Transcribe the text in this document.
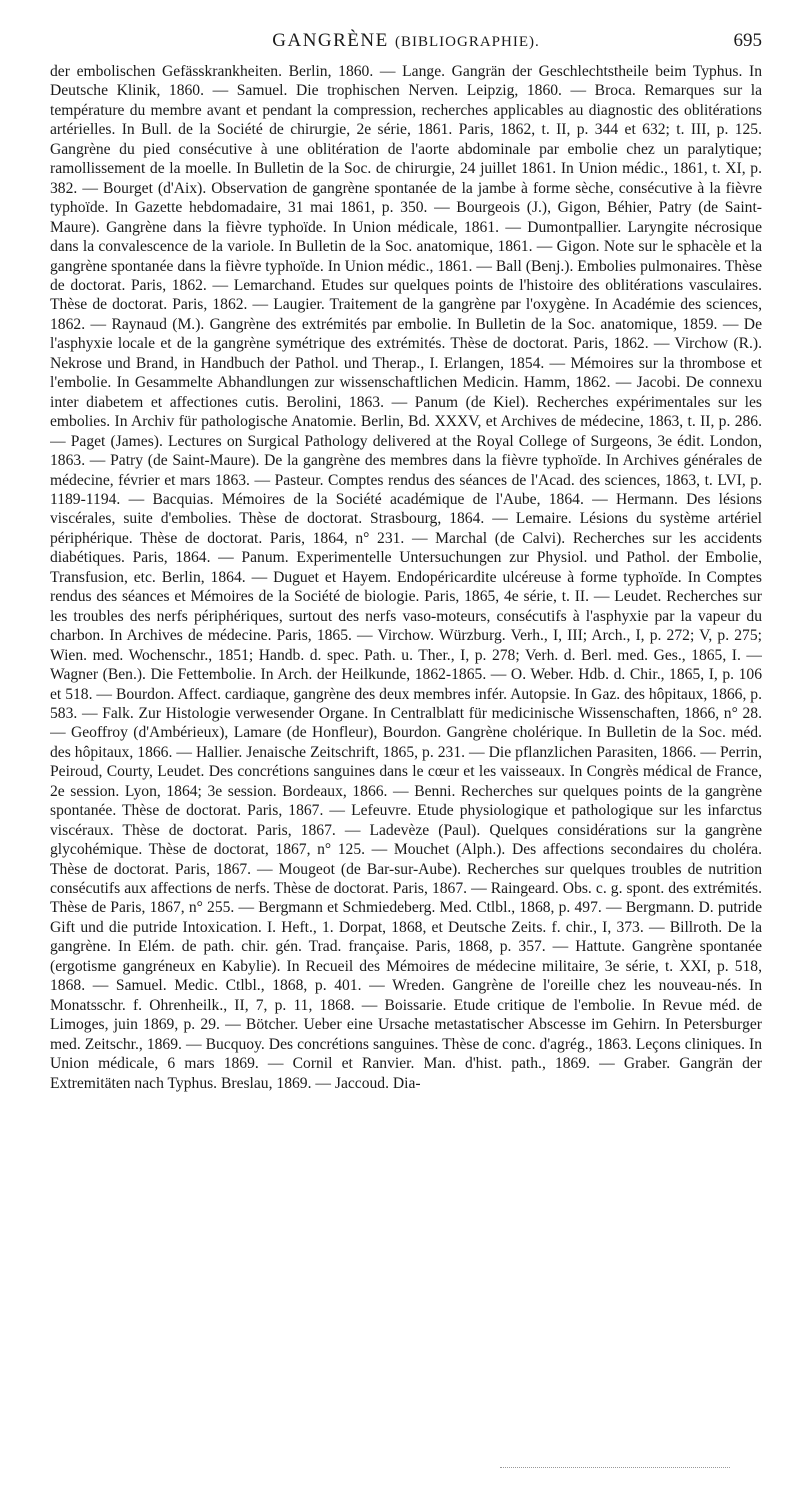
GANGRÈNE (BIBLIOGRAPHIE).	695

der embolischen Gefässkrankheiten. Berlin, 1860. — Lange. Gangrän der Geschlechtstheile beim Typhus. In Deutsche Klinik, 1860. — Samuel. Die trophischen Nerven. Leipzig, 1860. — Broca. Remarques sur la température du membre avant et pendant la compression, recherches applicables au diagnostic des oblitérations artérielles. In Bull. de la Société de chirurgie, 2e série, 1861. Paris, 1862, t. II, p. 344 et 632; t. III, p. 125. Gangrène du pied consécutive à une oblitération de l'aorte abdominale par embolie chez un paralytique; ramollissement de la moelle. In Bulletin de la Soc. de chirurgie, 24 juillet 1861. In Union médic., 1861, t. XI, p. 382. — Bourget (d'Aix). Observation de gangrène spontanée de la jambe à forme sèche, consécutive à la fièvre typhoïde. In Gazette hebdomadaire, 31 mai 1861, p. 350. — Bourgeois (J.), Gigon, Béhier, Patry (de Saint-Maure). Gangrène dans la fièvre typhoïde. In Union médicale, 1861. — Dumontpallier. Laryngite nécrosique dans la convalescence de la variole. In Bulletin de la Soc. anatomique, 1861. — Gigon. Note sur le sphacèle et la gangrène spontanée dans la fièvre typhoïde. In Union médic., 1861. — Ball (Benj.). Embolies pulmonaires. Thèse de doctorat. Paris, 1862. — Lemarchand. Etudes sur quelques points de l'histoire des oblitérations vasculaires. Thèse de doctorat. Paris, 1862. — Laugier. Traitement de la gangrène par l'oxygène. In Académie des sciences, 1862. — Raynaud (M.). Gangrène des extrémités par embolie. In Bulletin de la Soc. anatomique, 1859. — De l'asphyxie locale et de la gangrène symétrique des extrémités. Thèse de doctorat. Paris, 1862. — Virchow (R.). Nekrose und Brand, in Handbuch der Pathol. und Therap., I. Erlangen, 1854. — Mémoires sur la thrombose et l'embolie. In Gesammelte Abhandlungen zur wissenschaftlichen Medicin. Hamm, 1862. — Jacobi. De connexu inter diabetem et affectiones cutis. Berolini, 1863. — Panum (de Kiel). Recherches expérimentales sur les embolies. In Archiv für pathologische Anatomie. Berlin, Bd. XXXV, et Archives de médecine, 1863, t. II, p. 286. — Paget (James). Lectures on Surgical Pathology delivered at the Royal College of Surgeons, 3e édit. London, 1863. — Patry (de Saint-Maure). De la gangrène des membres dans la fièvre typhoïde. In Archives générales de médecine, février et mars 1863. — Pasteur. Comptes rendus des séances de l'Acad. des sciences, 1863, t. LVI, p. 1189-1194. — Bacquias. Mémoires de la Société académique de l'Aube, 1864. — Hermann. Des lésions viscérales, suite d'embolies. Thèse de doctorat. Strasbourg, 1864. — Lemaire. Lésions du système artériel périphérique. Thèse de doctorat. Paris, 1864, n° 231. — Marchal (de Calvi). Recherches sur les accidents diabétiques. Paris, 1864. — Panum. Experimentelle Untersuchungen zur Physiol. und Pathol. der Embolie, Transfusion, etc. Berlin, 1864. — Duguet et Hayem. Endopéricardite ulcéreuse à forme typhoïde. In Comptes rendus des séances et Mémoires de la Société de biologie. Paris, 1865, 4e série, t. II. — Leudet. Recherches sur les troubles des nerfs périphériques, surtout des nerfs vaso-moteurs, consécutifs à l'asphyxie par la vapeur du charbon. In Archives de médecine. Paris, 1865. — Virchow. Würzburg. Verh., I, III; Arch., I, p. 272; V, p. 275; Wien. med. Wochenschr., 1851; Handb. d. spec. Path. u. Ther., I, p. 278; Verh. d. Berl. med. Ges., 1865, I. — Wagner (Ben.). Die Fettembolie. In Arch. der Heilkunde, 1862-1865. — O. Weber. Hdb. d. Chir., 1865, I, p. 106 et 518. — Bourdon. Affect. cardiaque, gangrène des deux membres infér. Autopsie. In Gaz. des hôpitaux, 1866, p. 583. — Falk. Zur Histologie verwesender Organe. In Centralblatt für medicinische Wissenschaften, 1866, n° 28. — Geoffroy (d'Ambérieux), Lamare (de Honfleur), Bourdon. Gangrène cholérique. In Bulletin de la Soc. méd. des hôpitaux, 1866. — Hallier. Jenaische Zeitschrift, 1865, p. 231. — Die pflanzlichen Parasiten, 1866. — Perrin, Peiroud, Courty, Leudet. Des concrétions sanguines dans le cœur et les vaisseaux. In Congrès médical de France, 2e session. Lyon, 1864; 3e session. Bordeaux, 1866. — Benni. Recherches sur quelques points de la gangrène spontanée. Thèse de doctorat. Paris, 1867. — Lefeuvre. Etude physiologique et pathologique sur les infarctus viscéraux. Thèse de doctorat. Paris, 1867. — Ladevèze (Paul). Quelques considérations sur la gangrène glycohémique. Thèse de doctorat, 1867, n° 125. — Mouchet (Alph.). Des affections secondaires du choléra. Thèse de doctorat. Paris, 1867. — Mougeot (de Bar-sur-Aube). Recherches sur quelques troubles de nutrition consécutifs aux affections de nerfs. Thèse de doctorat. Paris, 1867. — Raingeard. Obs. c. g. spont. des extrémités. Thèse de Paris, 1867, n° 255. — Bergmann et Schmiedeberg. Med. Ctlbl., 1868, p. 497. — Bergmann. D. putride Gift und die putride Intoxication. I. Heft., 1. Dorpat, 1868, et Deutsche Zeits. f. chir., I, 373. — Billroth. De la gangrène. In Elém. de path. chir. gén. Trad. française. Paris, 1868, p. 357. — Hattute. Gangrène spontanée (ergotisme gangréneux en Kabylie). In Recueil des Mémoires de médecine militaire, 3e série, t. XXI, p. 518, 1868. — Samuel. Medic. Ctlbl., 1868, p. 401. — Wreden. Gangrène de l'oreille chez les nouveau-nés. In Monatsschr. f. Ohrenheilk., II, 7, p. 11, 1868. — Boissarie. Etude critique de l'embolie. In Revue méd. de Limoges, juin 1869, p. 29. — Bötcher. Ueber eine Ursache metastatischer Abscesse im Gehirn. In Petersburger med. Zeitschr., 1869. — Bucquoy. Des concrétions sanguines. Thèse de conc. d'agrég., 1863. Leçons cliniques. In Union médicale, 6 mars 1869. — Cornil et Ranvier. Man. d'hist. path., 1869. — Graber. Gangrän der Extremitäten nach Typhus. Breslau, 1869. — Jaccoud. Dia-
